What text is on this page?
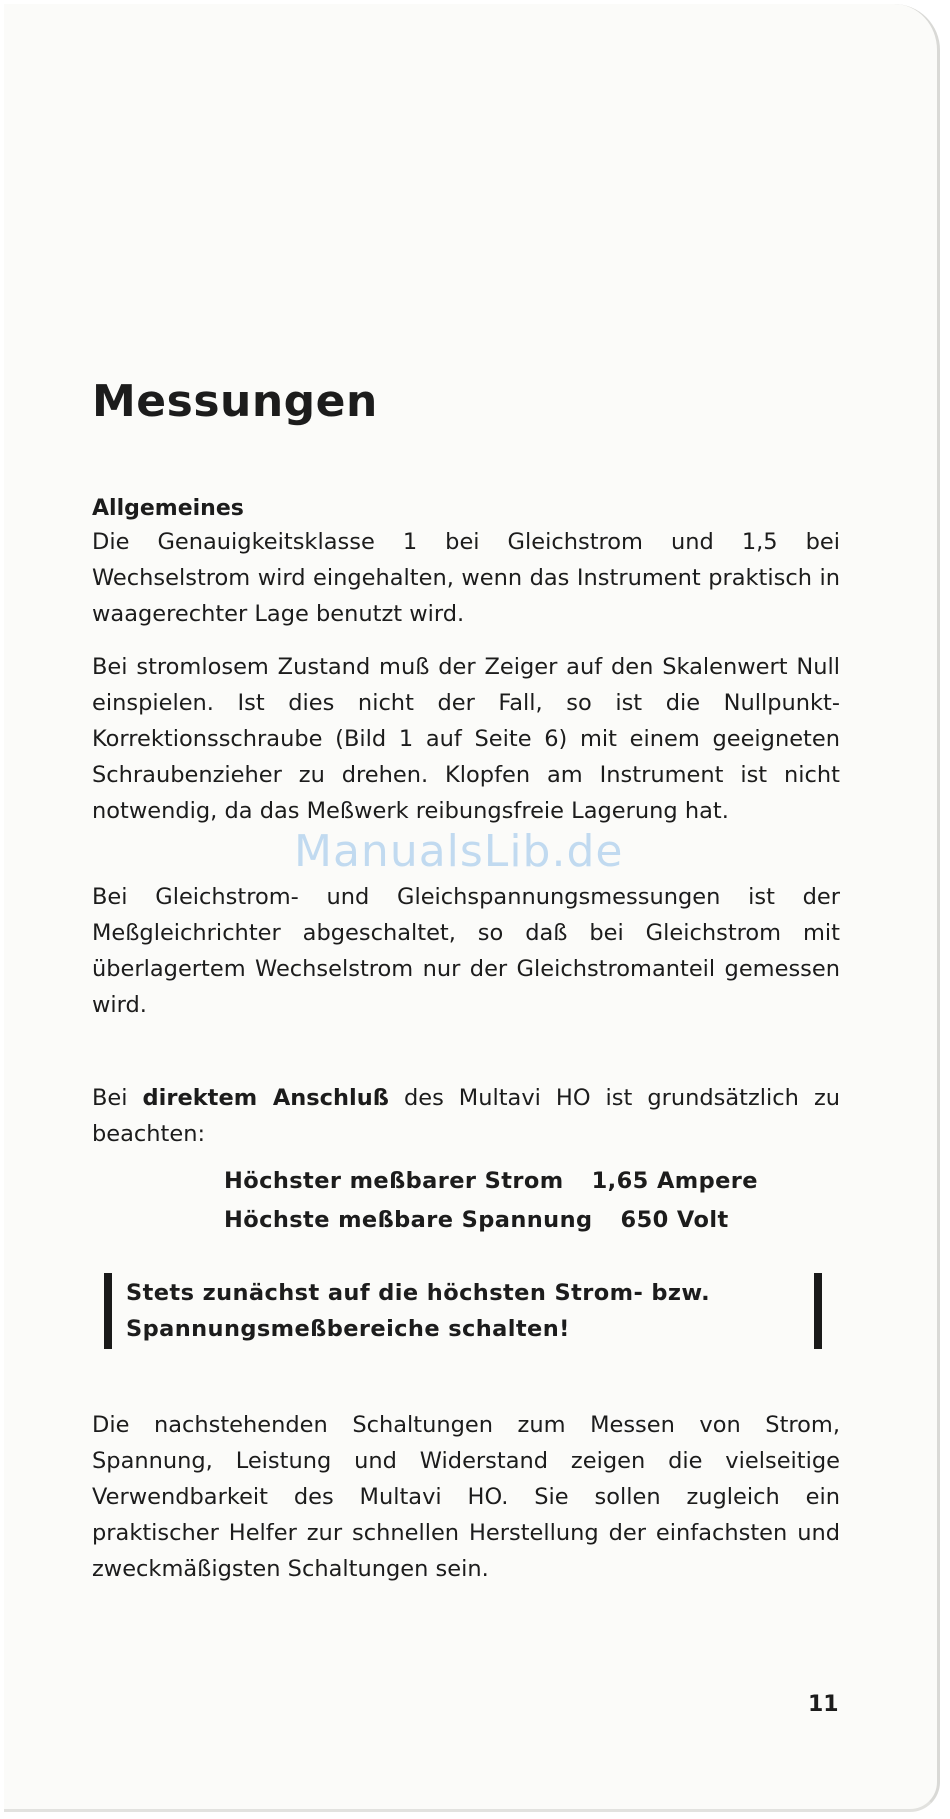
Messungen
Allgemeines

Die Genauigkeitsklasse 1 bei Gleichstrom und 1,5 bei Wechselstrom wird eingehalten, wenn das Instrument praktisch in waagerechter Lage benutzt wird.

Bei stromlosem Zustand muß der Zeiger auf den Skalenwert Null einspielen. Ist dies nicht der Fall, so ist die Nullpunkt-Korrektionsschraube (Bild 1 auf Seite 6) mit einem geeigneten Schraubenzieher zu drehen. Klopfen am Instrument ist nicht notwendig, da das Meßwerk reibungsfreie Lagerung hat.

Bei Gleichstrom- und Gleichspannungsmessungen ist der Meßgleichrichter abgeschaltet, so daß bei Gleichstrom mit überlagertem Wechselstrom nur der Gleichstromanteil gemessen wird.

Bei direktem Anschluß des Multavi HO ist grundsätzlich zu beachten:

Höchster meßbarer Strom 1,65 Ampere
Höchste meßbare Spannung 650 Volt
Stets zunächst auf die höchsten Strom- bzw.
Spannungsmeßbereiche schalten!

Die nachstehenden Schaltungen zum Messen von Strom, Spannung, Leistung und Widerstand zeigen die vielseitige Verwendbarkeit des Multavi HO. Sie sollen zugleich ein praktischer Helfer zur schnellen Herstellung der einfachsten und zweckmäßigsten Schaltungen sein.

11
ManualsLib.de
